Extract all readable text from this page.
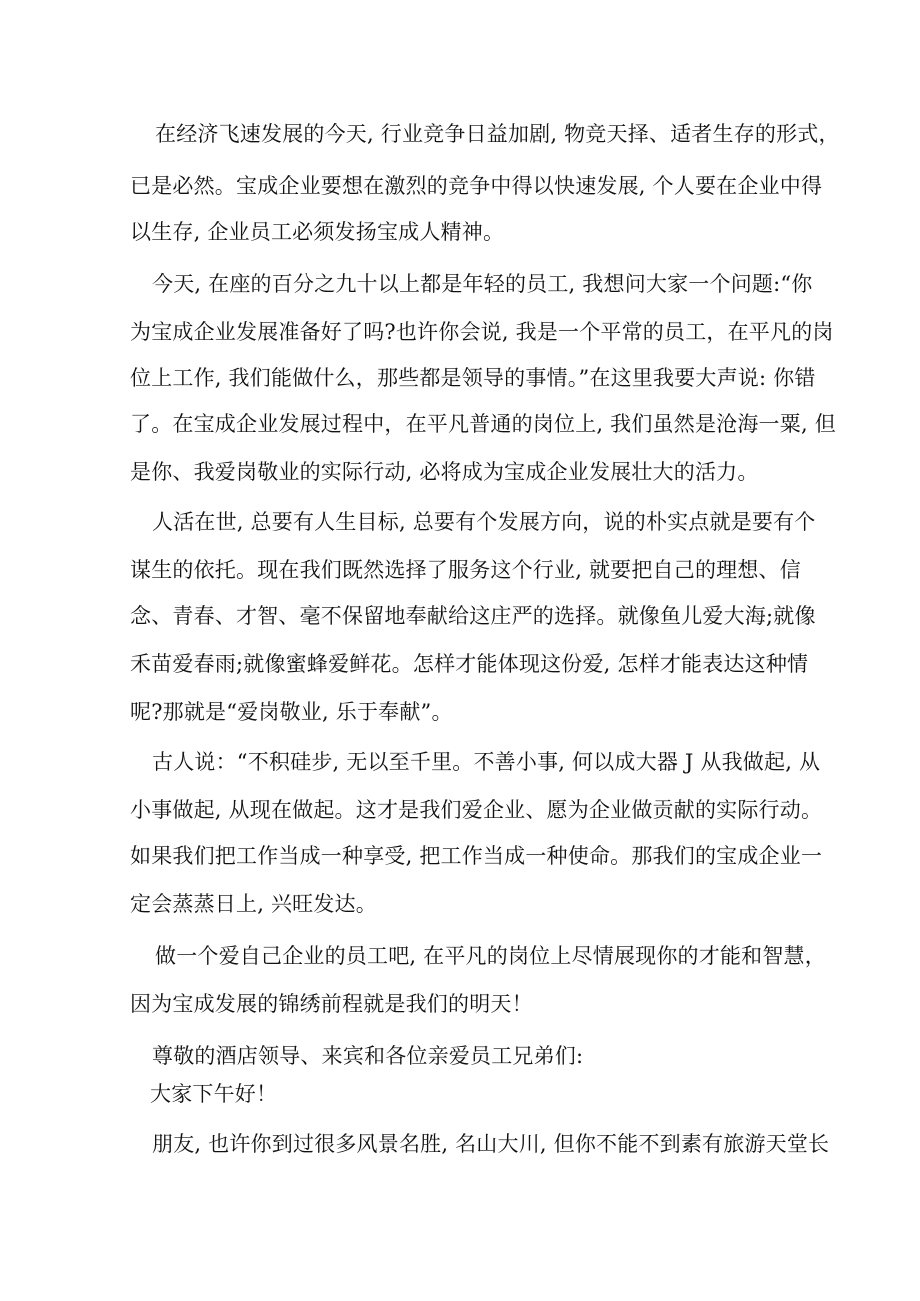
在经济飞速发展的今天, 行业竞争日益加剧, 物竞天择、适者生存的形式，
已是必然。宝成企业要想在激烈的竞争中得以快速发展, 个人要在企业中得
以生存, 企业员工必须发扬宝成人精神。
今天, 在座的百分之九十以上都是年轻的员工, 我想问大家一个问题:“你
为宝成企业发展准备好了吗?也许你会说, 我是一个平常的员工，在平凡的岗
位上工作, 我们能做什么，那些都是领导的事情。”在这里我要大声说: 你错
了。在宝成企业发展过程中，在平凡普通的岗位上, 我们虽然是沧海一粟, 但
是你、我爱岗敬业的实际行动, 必将成为宝成企业发展壮大的活力。
人活在世, 总要有人生目标, 总要有个发展方向，说的朴实点就是要有个
谋生的依托。现在我们既然选择了服务这个行业, 就要把自己的理想、信
念、青春、才智、毫不保留地奉献给这庄严的选择。就像鱼儿爱大海;就像
禾苗爱春雨;就像蜜蜂爱鲜花。怎样才能体现这份爱, 怎样才能表达这种情
呢?那就是“爱岗敬业, 乐于奉献”。
古人说：“不积硅步, 无以至千里。不善小事, 何以成大器 J 从我做起, 从
小事做起, 从现在做起。这才是我们爱企业、愿为企业做贡献的实际行动。
如果我们把工作当成一种享受, 把工作当成一种使命。那我们的宝成企业一
定会蒸蒸日上, 兴旺发达。
做一个爱自己企业的员工吧, 在平凡的岗位上尽情展现你的才能和智慧，
因为宝成发展的锦绣前程就是我们的明天！
尊敬的酒店领导、来宾和各位亲爱员工兄弟们:
大家下午好！
朋友, 也许你到过很多风景名胜, 名山大川, 但你不能不到素有旅游天堂长
